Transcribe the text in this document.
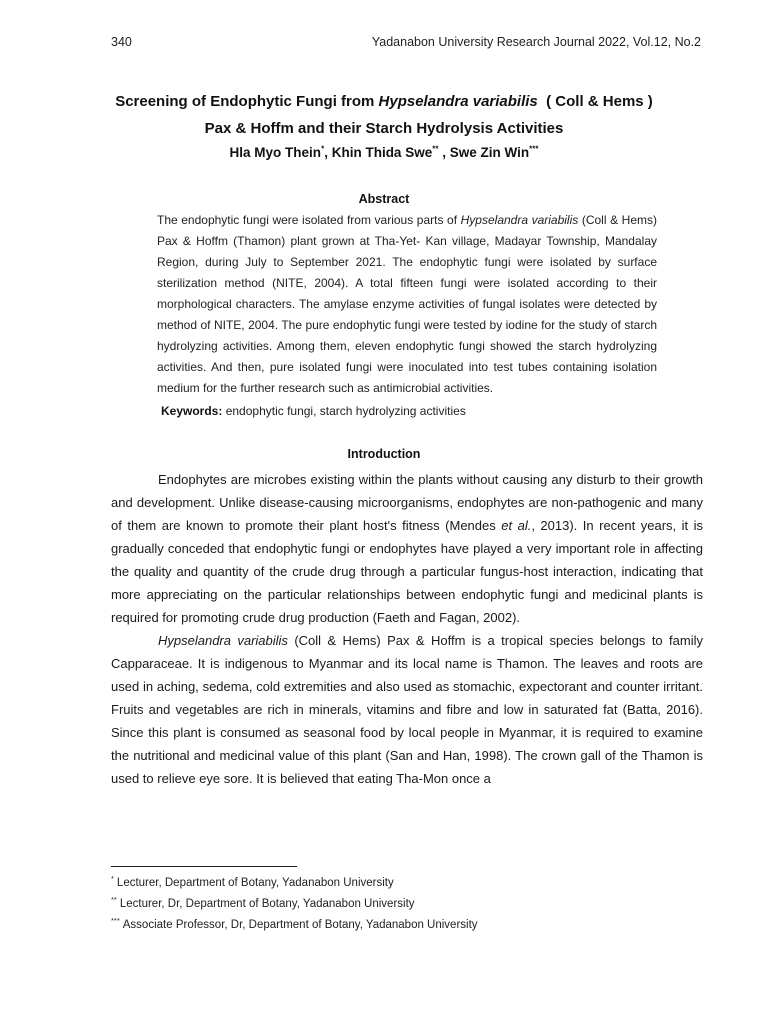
340	Yadanabon University Research Journal 2022, Vol.12, No.2
Screening of Endophytic Fungi from Hypselandra variabilis  ( Coll & Hems )
Pax & Hoffm and their Starch Hydrolysis Activities
Hla Myo Thein*, Khin Thida Swe** , Swe Zin Win***
Abstract
The endophytic fungi were isolated from various parts of Hypselandra variabilis (Coll & Hems) Pax & Hoffm (Thamon) plant grown at Tha-Yet- Kan village, Madayar Township, Mandalay Region, during July to September 2021. The endophytic fungi were isolated by surface sterilization method (NITE, 2004). A total fifteen fungi were isolated according to their morphological characters. The amylase enzyme activities of fungal isolates were detected by method of NITE, 2004. The pure endophytic fungi were tested by iodine for the study of starch hydrolyzing activities. Among them, eleven endophytic fungi showed the starch hydrolyzing activities. And then, pure isolated fungi were inoculated into test tubes containing isolation medium for the further research such as antimicrobial activities.
Keywords: endophytic fungi, starch hydrolyzing activities
Introduction

Endophytes are microbes existing within the plants without causing any disturb to their growth and development. Unlike disease-causing microorganisms, endophytes are non-pathogenic and many of them are known to promote their plant host's fitness (Mendes et al., 2013). In recent years, it is gradually conceded that endophytic fungi or endophytes have played a very important role in affecting the quality and quantity of the crude drug through a particular fungus-host interaction, indicating that more appreciating on the particular relationships between endophytic fungi and medicinal plants is required for promoting crude drug production (Faeth and Fagan, 2002).

Hypselandra variabilis (Coll & Hems) Pax & Hoffm is a tropical species belongs to family Capparaceae. It is indigenous to Myanmar and its local name is Thamon. The leaves and roots are used in aching, sedema, cold extremities and also used as stomachic, expectorant and counter irritant. Fruits and vegetables are rich in minerals, vitamins and fibre and low in saturated fat (Batta, 2016). Since this plant is consumed as seasonal food by local people in Myanmar, it is required to examine the nutritional and medicinal value of this plant (San and Han, 1998). The crown gall of the Thamon is used to relieve eye sore. It is believed that eating Tha-Mon once a

* Lecturer, Department of Botany, Yadanabon University
** Lecturer, Dr, Department of Botany, Yadanabon University
*** Associate Professor, Dr, Department of Botany, Yadanabon University
